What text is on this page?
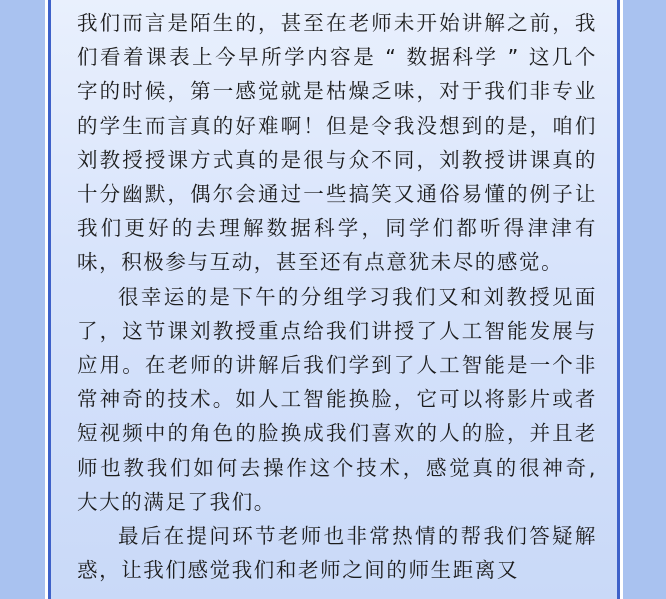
我们而言是陌生的，甚至在老师未开始讲解之前，我们看着课表上今早所学内容是 “ 数据科学 ” 这几个字的时候，第一感觉就是枯燥乏味，对于我们非专业的学生而言真的好难啊！但是令我没想到的是，咱们刘教授授课方式真的是很与众不同，刘教授讲课真的十分幽默，偶尔会通过一些搞笑又通俗易懂的例子让我们更好的去理解数据科学，同学们都听得津津有味，积极参与互动，甚至还有点意犹未尽的感觉。

很幸运的是下午的分组学习我们又和刘教授见面了，这节课刘教授重点给我们讲授了人工智能发展与应用。在老师的讲解后我们学到了人工智能是一个非常神奇的技术。如人工智能换脸，它可以将影片或者短视频中的角色的脸换成我们喜欢的人的脸，并且老师也教我们如何去操作这个技术，感觉真的很神奇, 大大的满足了我们。

最后在提问环节老师也非常热情的帮我们答疑解惑，让我们感觉我们和老师之间的师生距离又
